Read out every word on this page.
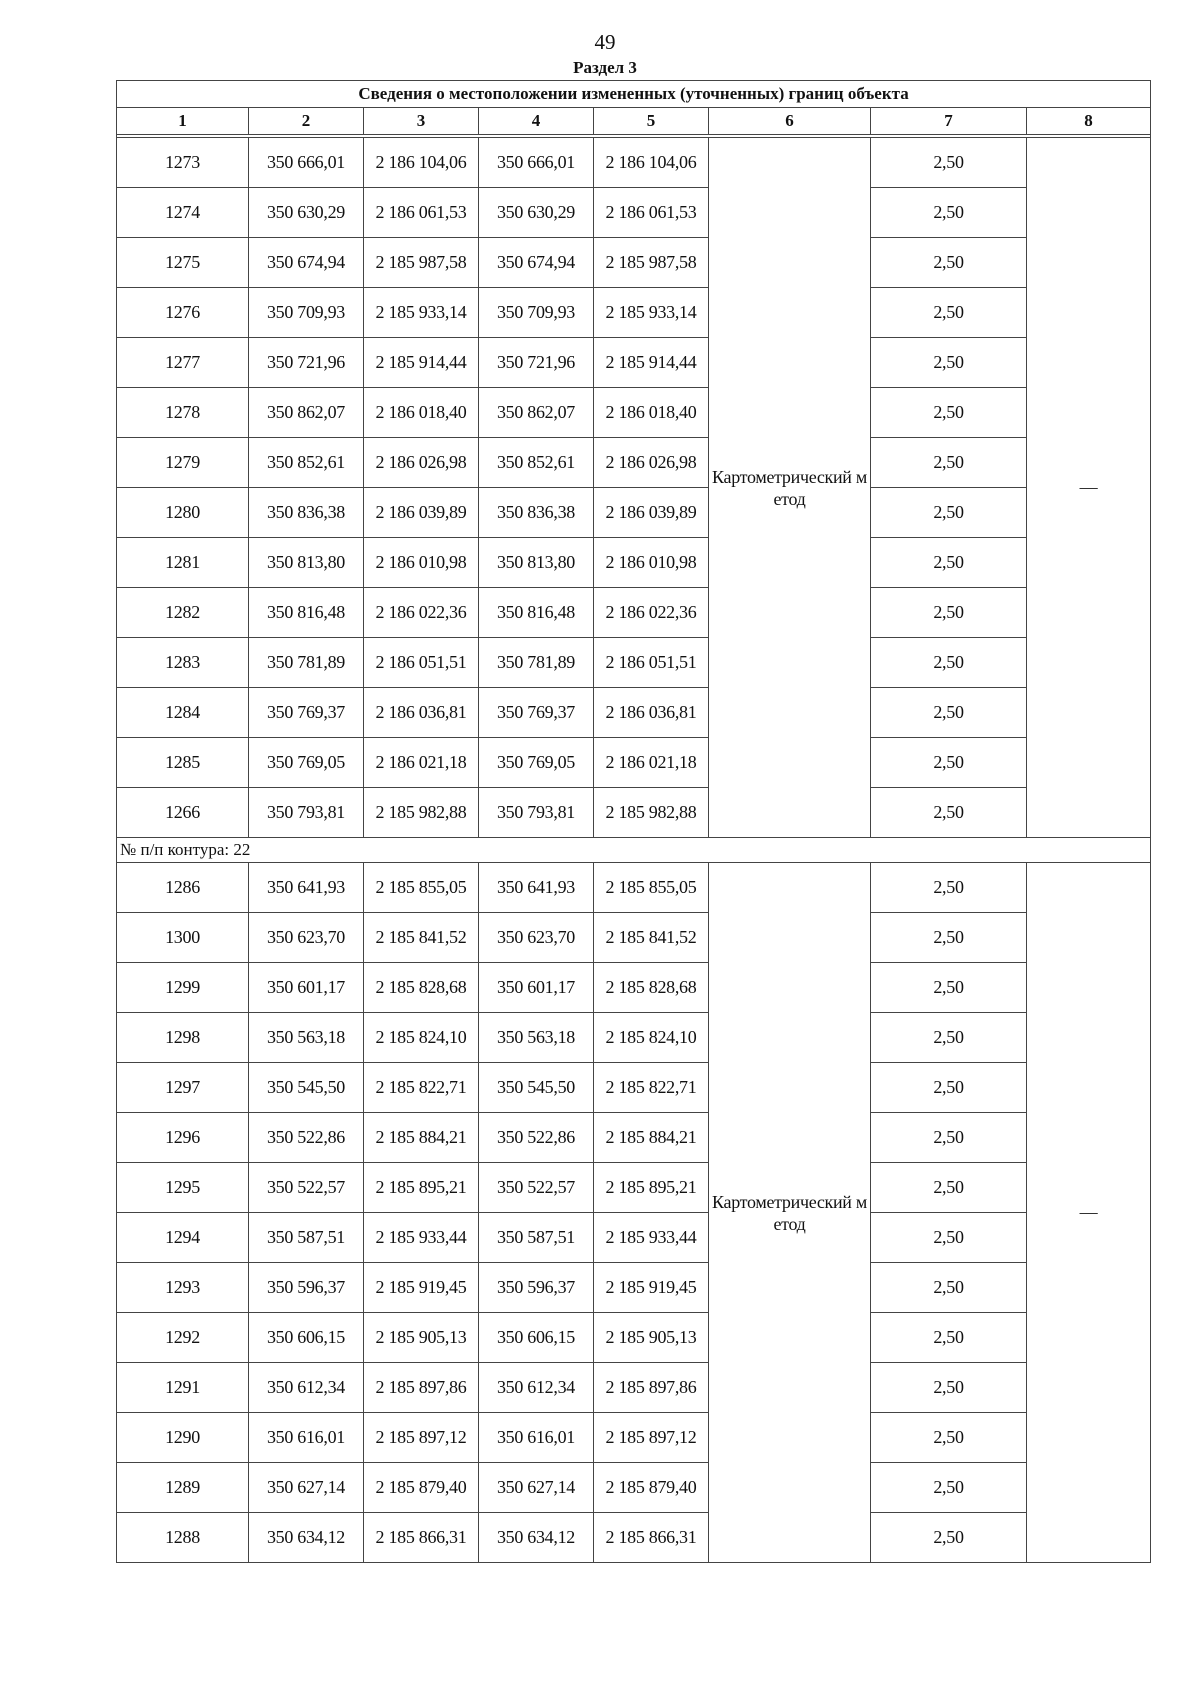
49
Раздел 3
Сведения о местоположении измененных (уточненных) границ объекта							
1	2	3	4	5	6	7	8

1273	350 666,01	2 186 104,06	350 666,01	2 186 104,06	Картометрический метод	2,50	—
1274	350 630,29	2 186 061,53	350 630,29	2 186 061,53		2,50	
1275	350 674,94	2 185 987,58	350 674,94	2 185 987,58		2,50	
1276	350 709,93	2 185 933,14	350 709,93	2 185 933,14		2,50	
1277	350 721,96	2 185 914,44	350 721,96	2 185 914,44		2,50	
1278	350 862,07	2 186 018,40	350 862,07	2 186 018,40		2,50	
1279	350 852,61	2 186 026,98	350 852,61	2 186 026,98		2,50	
1280	350 836,38	2 186 039,89	350 836,38	2 186 039,89		2,50	
1281	350 813,80	2 186 010,98	350 813,80	2 186 010,98		2,50	
1282	350 816,48	2 186 022,36	350 816,48	2 186 022,36		2,50	
1283	350 781,89	2 186 051,51	350 781,89	2 186 051,51		2,50	
1284	350 769,37	2 186 036,81	350 769,37	2 186 036,81		2,50	
1285	350 769,05	2 186 021,18	350 769,05	2 186 021,18		2,50	
1266	350 793,81	2 185 982,88	350 793,81	2 185 982,88		2,50	
№ п/п контура: 22							
1286	350 641,93	2 185 855,05	350 641,93	2 185 855,05	Картометрический метод	2,50	—
1300	350 623,70	2 185 841,52	350 623,70	2 185 841,52		2,50	
1299	350 601,17	2 185 828,68	350 601,17	2 185 828,68		2,50	
1298	350 563,18	2 185 824,10	350 563,18	2 185 824,10		2,50	
1297	350 545,50	2 185 822,71	350 545,50	2 185 822,71		2,50	
1296	350 522,86	2 185 884,21	350 522,86	2 185 884,21		2,50	
1295	350 522,57	2 185 895,21	350 522,57	2 185 895,21		2,50	
1294	350 587,51	2 185 933,44	350 587,51	2 185 933,44		2,50	
1293	350 596,37	2 185 919,45	350 596,37	2 185 919,45		2,50	
1292	350 606,15	2 185 905,13	350 606,15	2 185 905,13		2,50	
1291	350 612,34	2 185 897,86	350 612,34	2 185 897,86		2,50	
1290	350 616,01	2 185 897,12	350 616,01	2 185 897,12		2,50	
1289	350 627,14	2 185 879,40	350 627,14	2 185 879,40		2,50	
1288	350 634,12	2 185 866,31	350 634,12	2 185 866,31		2,50	
